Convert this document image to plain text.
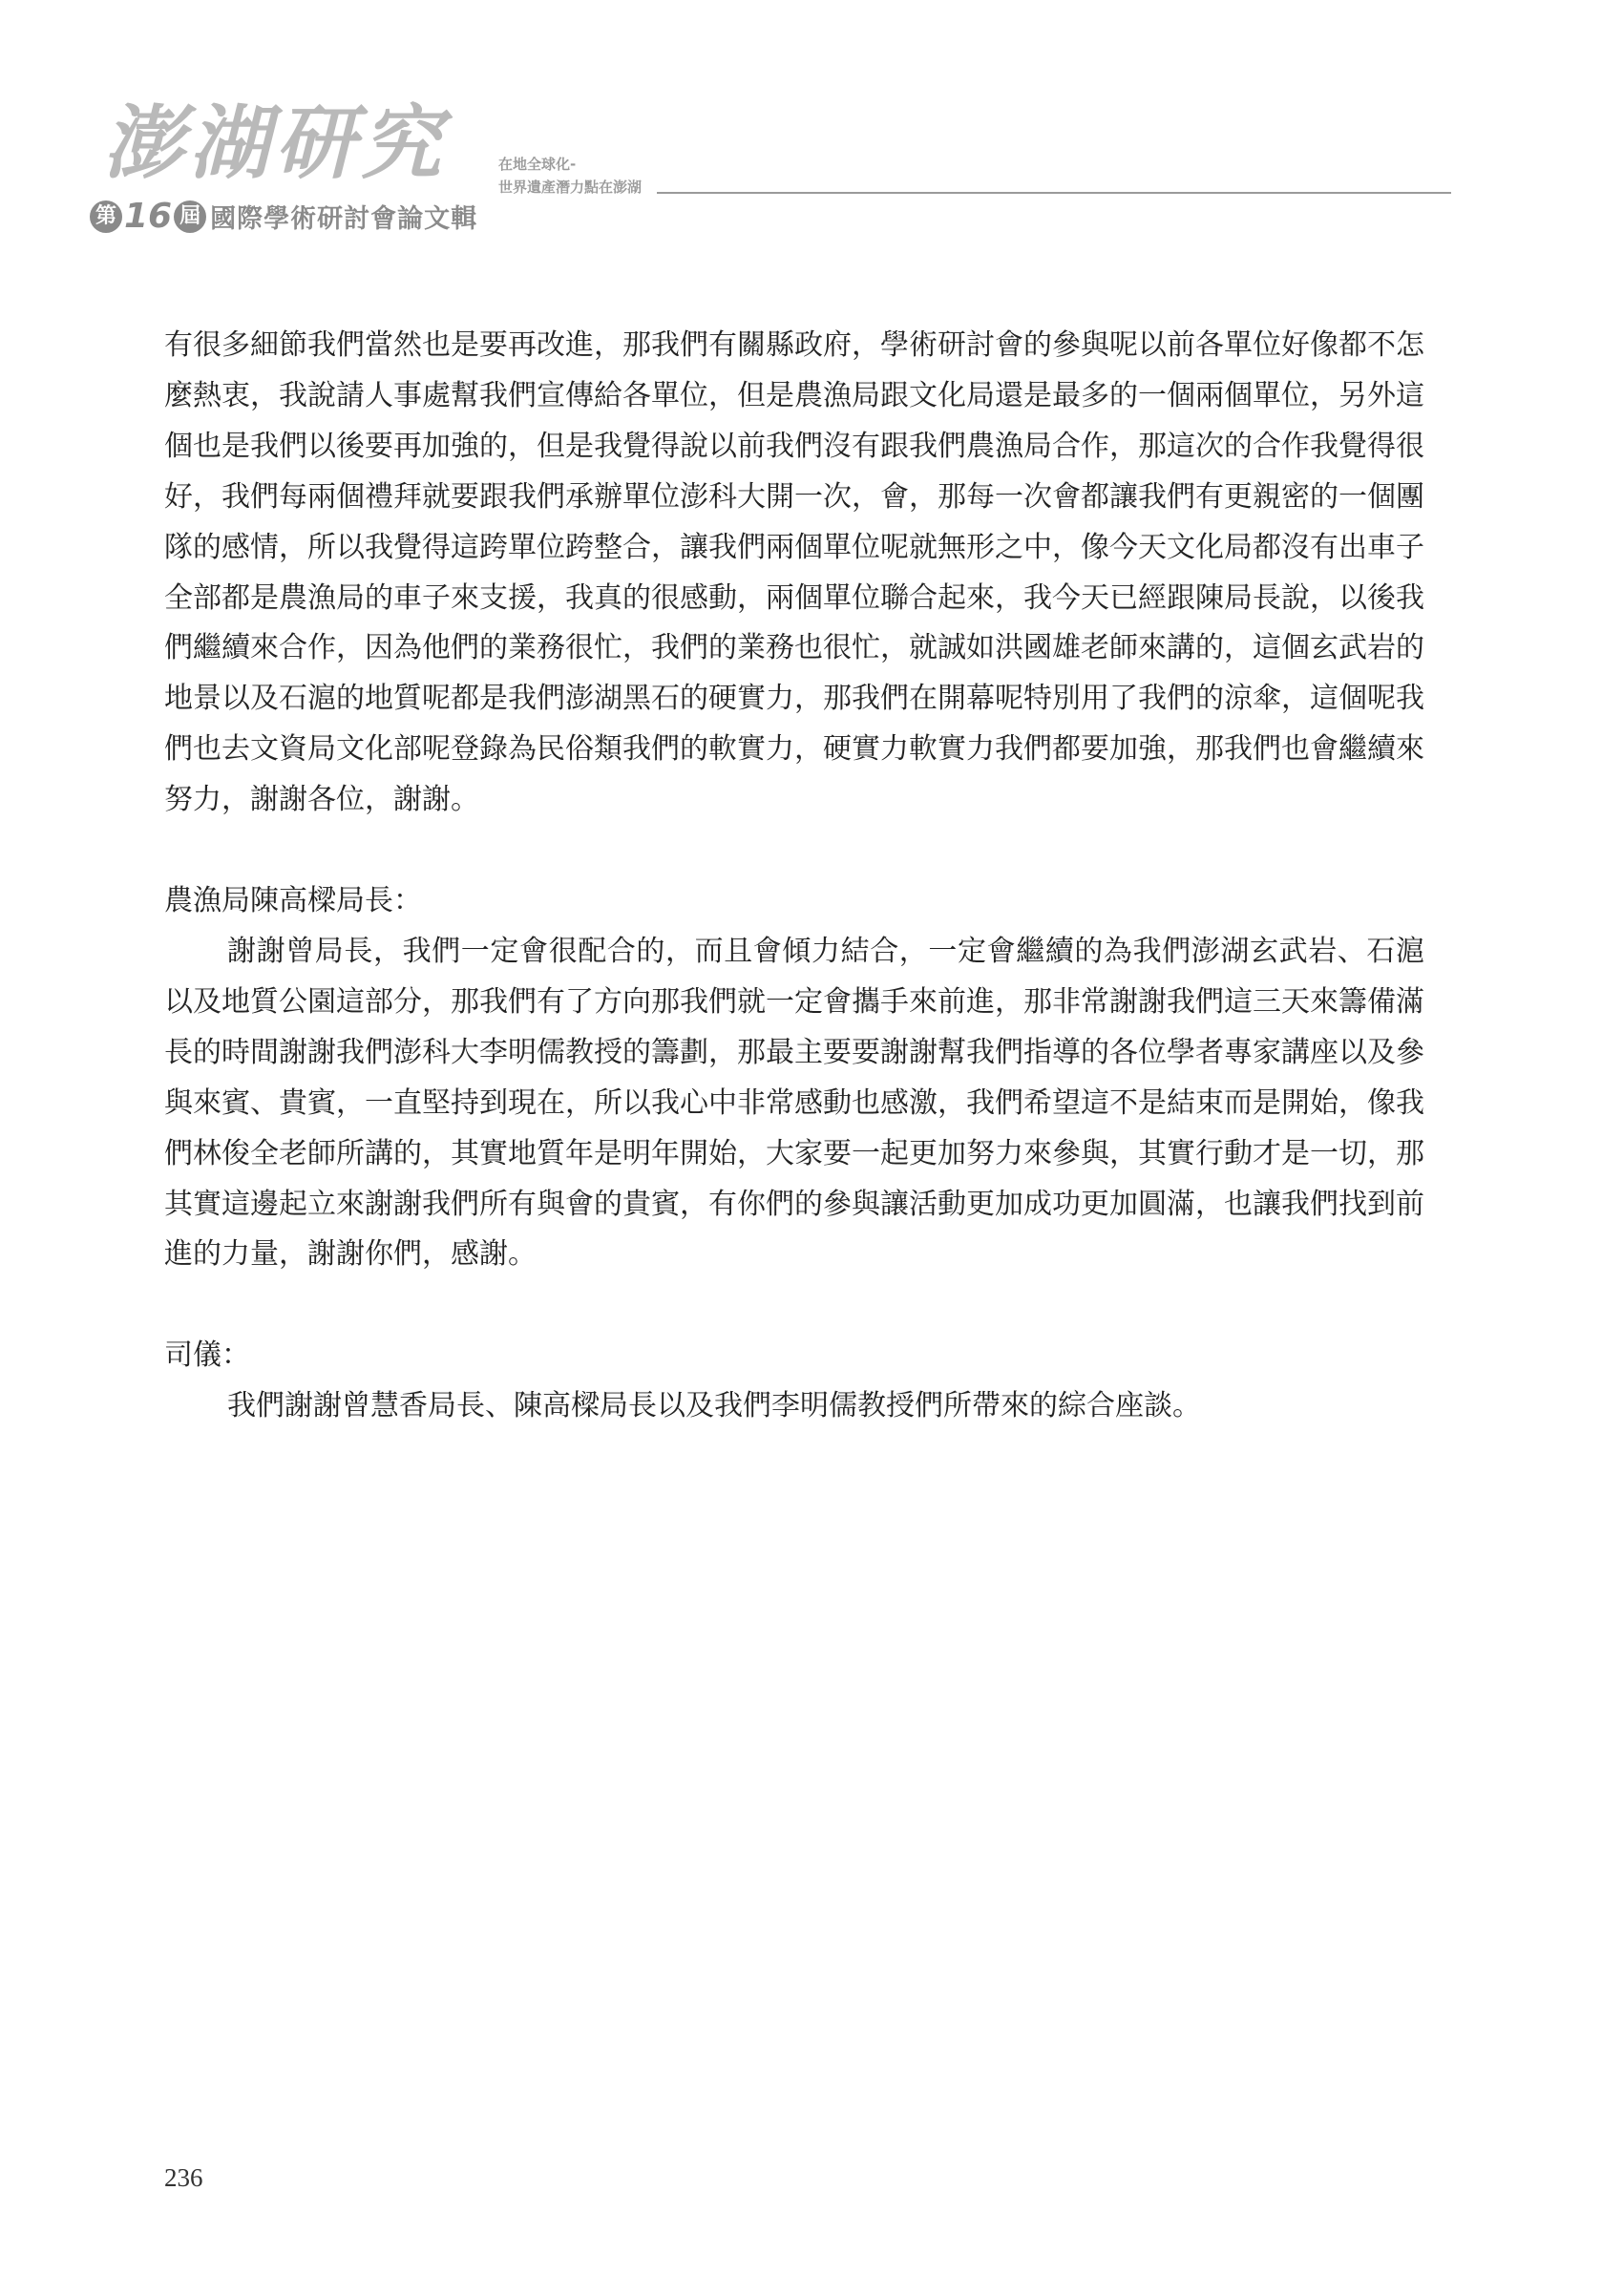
澎湖研究
第 16 屆 國際學術研討會論文輯
在地全球化-
世界遺產潛力點在澎湖

有很多細節我們當然也是要再改進，那我們有關縣政府，學術研討會的參與呢以前各單位好像都不怎麼熱衷，我說請人事處幫我們宣傳給各單位，但是農漁局跟文化局還是最多的一個兩個單位，另外這個也是我們以後要再加強的，但是我覺得說以前我們沒有跟我們農漁局合作，那這次的合作我覺得很好，我們每兩個禮拜就要跟我們承辦單位澎科大開一次，會，那每一次會都讓我們有更親密的一個團隊的感情，所以我覺得這跨單位跨整合，讓我們兩個單位呢就無形之中，像今天文化局都沒有出車子全部都是農漁局的車子來支援，我真的很感動，兩個單位聯合起來，我今天已經跟陳局長說，以後我們繼續來合作，因為他們的業務很忙，我們的業務也很忙，就誠如洪國雄老師來講的，這個玄武岩的地景以及石滬的地質呢都是我們澎湖黑石的硬實力，那我們在開幕呢特別用了我們的涼傘，這個呢我們也去文資局文化部呢登錄為民俗類我們的軟實力，硬實力軟實力我們都要加強，那我們也會繼續來努力，謝謝各位，謝謝。

農漁局陳高樑局長：

謝謝曾局長，我們一定會很配合的，而且會傾力結合，一定會繼續的為我們澎湖玄武岩、石滬以及地質公園這部分，那我們有了方向那我們就一定會攜手來前進，那非常謝謝我們這三天來籌備滿長的時間謝謝我們澎科大李明儒教授的籌劃，那最主要要謝謝幫我們指導的各位學者專家講座以及參與來賓、貴賓，一直堅持到現在，所以我心中非常感動也感激，我們希望這不是結束而是開始，像我們林俊全老師所講的，其實地質年是明年開始，大家要一起更加努力來參與，其實行動才是一切，那其實這邊起立來謝謝我們所有與會的貴賓，有你們的參與讓活動更加成功更加圓滿，也讓我們找到前進的力量，謝謝你們，感謝。

司儀：

我們謝謝曾慧香局長、陳高樑局長以及我們李明儒教授們所帶來的綜合座談。

236
